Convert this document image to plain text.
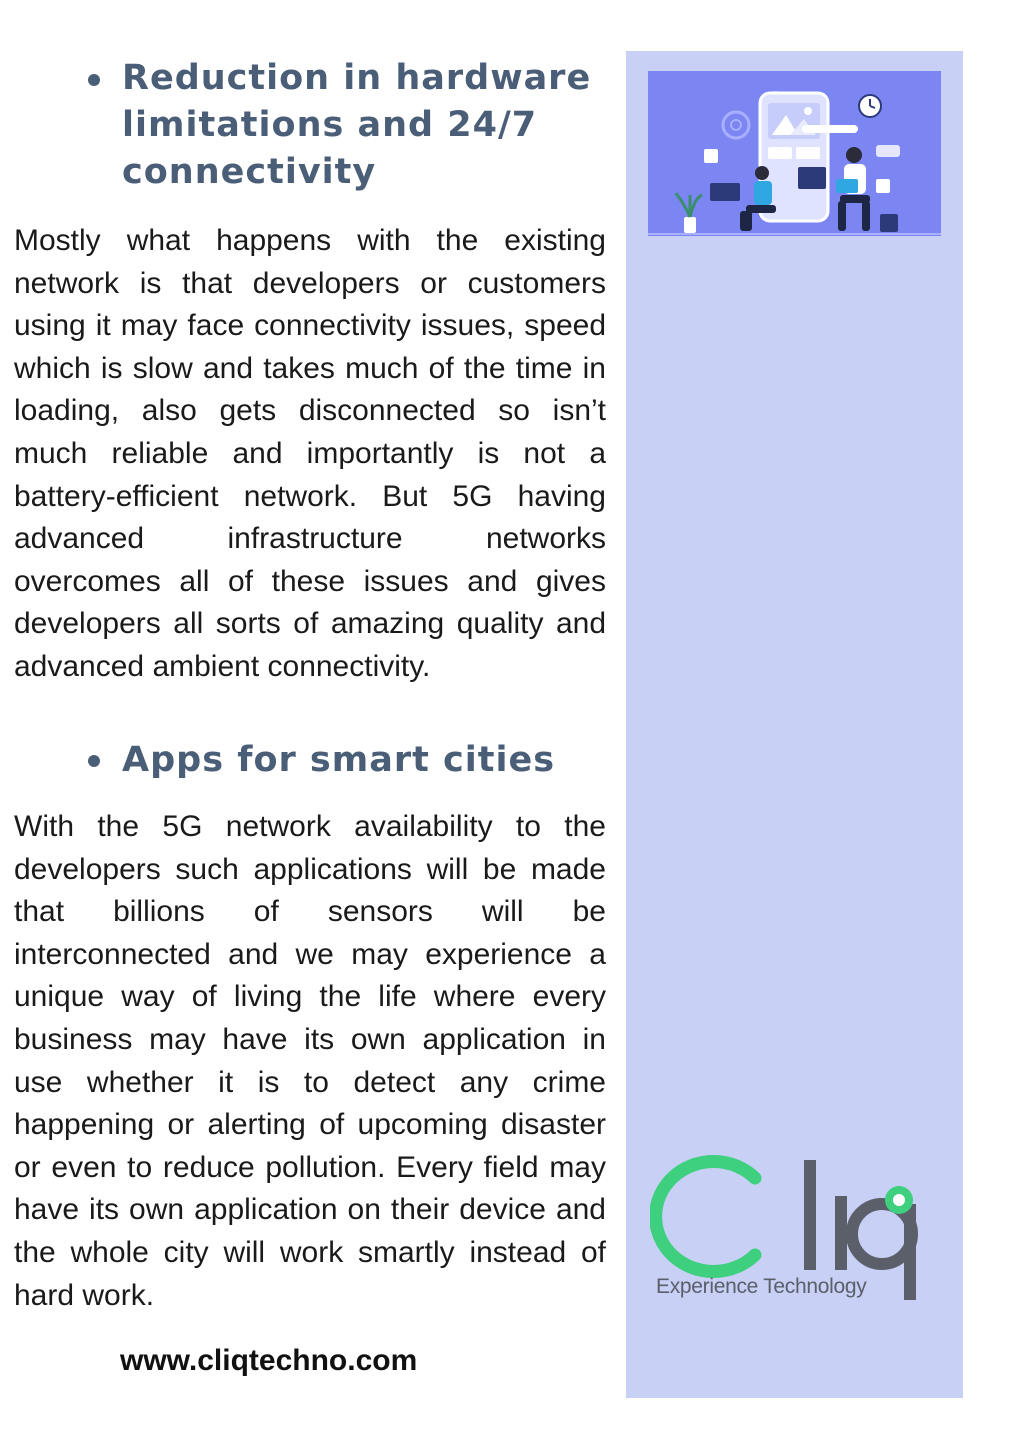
Reduction in hardware limitations and 24/7 connectivity

Mostly what happens with the existing network is that developers or customers using it may face connectivity issues, speed which is slow and takes much of the time in loading, also gets disconnected so isn’t much reliable and importantly is not a battery-efficient network. But 5G having advanced infrastructure networks overcomes all of these issues and gives developers all sorts of amazing quality and advanced ambient connectivity.

Apps for smart cities

With the 5G network availability to the developers such applications will be made that billions of sensors will be interconnected and we may experience a unique way of living the life where every business may have its own application in use whether it is to detect any crime happening or alerting of upcoming disaster or even to reduce pollution. Every field may have its own application on their device and the whole city will work smartly instead of hard work.

www.cliqtechno.com
Experience Technology
